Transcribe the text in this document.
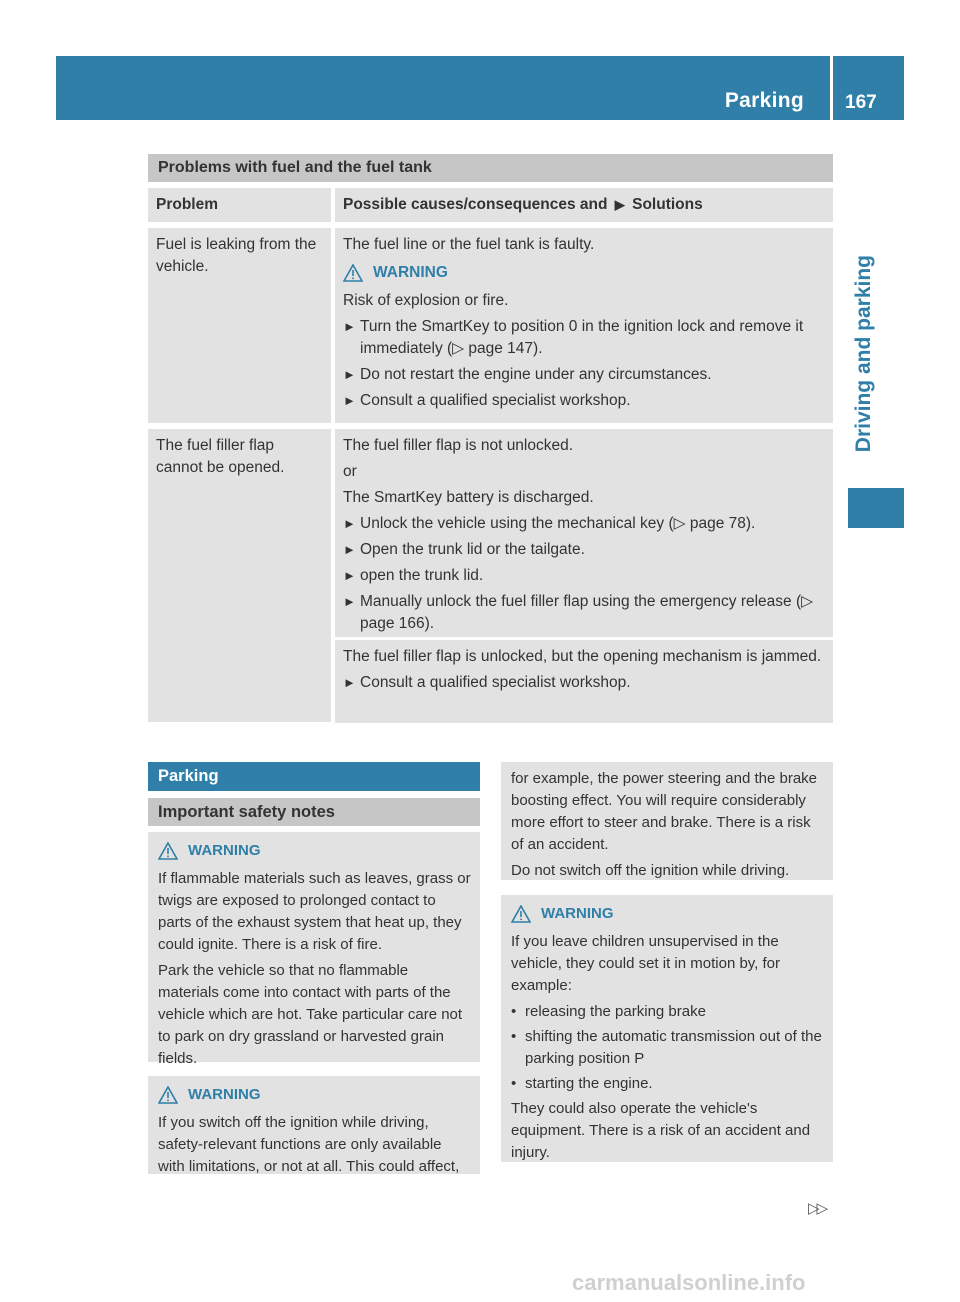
Parking 167
Driving and parking
Problems with fuel and the fuel tank
Problem	Possible causes/consequences and ▶ Solutions
Fuel is leaking from the vehicle.

The fuel line or the fuel tank is faulty.

WARNING

Risk of explosion or fire.

► Turn the SmartKey to position 0 in the ignition lock and remove it immediately (▷ page 147).
► Do not restart the engine under any circumstances.
► Consult a qualified specialist workshop.
The fuel filler flap cannot be opened.

The fuel filler flap is not unlocked.

or

The SmartKey battery is discharged.

► Unlock the vehicle using the mechanical key (▷ page 78).
► Open the trunk lid or the tailgate.
► open the trunk lid.
► Manually unlock the fuel filler flap using the emergency release (▷ page 166).

The fuel filler flap is unlocked, but the opening mechanism is jammed.

► Consult a qualified specialist workshop.
Parking
Important safety notes
WARNING

If flammable materials such as leaves, grass or twigs are exposed to prolonged contact to parts of the exhaust system that heat up, they could ignite. There is a risk of fire.

Park the vehicle so that no flammable materials come into contact with parts of the vehicle which are hot. Take particular care not to park on dry grassland or harvested grain fields.

WARNING

If you switch off the ignition while driving, safety-relevant functions are only available with limitations, or not at all. This could affect,

for example, the power steering and the brake boosting effect. You will require considerably more effort to steer and brake. There is a risk of an accident.

Do not switch off the ignition while driving.

WARNING

If you leave children unsupervised in the vehicle, they could set it in motion by, for example:

• releasing the parking brake
• shifting the automatic transmission out of the parking position P
• starting the engine.

They could also operate the vehicle's equipment. There is a risk of an accident and injury.

▷▷
carmanualsonline.info
